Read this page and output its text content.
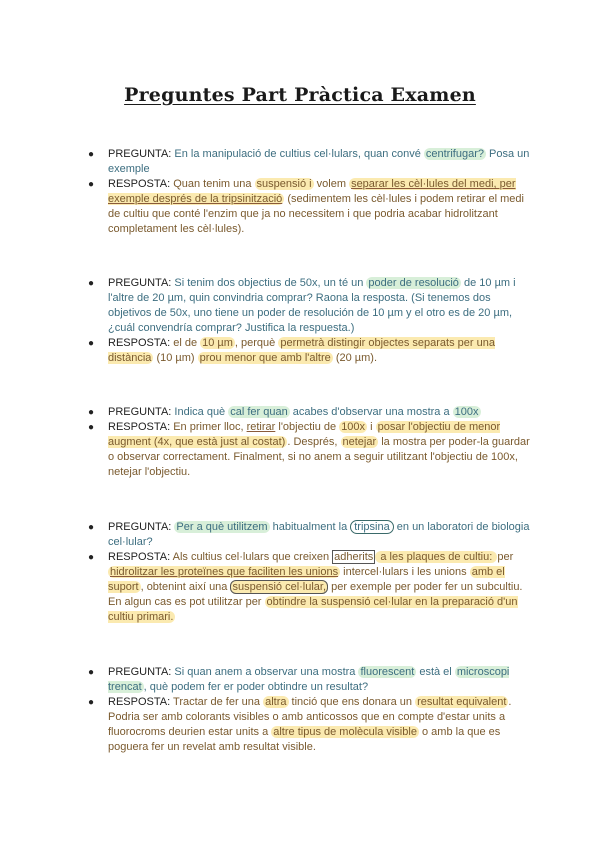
Preguntes Part Pràctica Examen
● PREGUNTA: En la manipulació de cultius cel·lulars, quan convé centrifugar? Posa un exemple
● RESPOSTA: Quan tenim una suspensió i volem separar les cèl·lules del medi, per exemple després de la tripsinització (sedimentem les cèl·lules i podem retirar el medi de cultiu que conté l'enzim que ja no necessitem i que podria acabar hidrolitzant completament les cèl·lules).
● PREGUNTA: Si tenim dos objectius de 50x, un té un poder de resolució de 10 µm i l'altre de 20 µm, quin convindria comprar? Raona la resposta. (Si tenemos dos objetivos de 50x, uno tiene un poder de resolución de 10 µm y el otro es de 20 µm, ¿cuál convendría comprar? Justifica la respuesta.)
● RESPOSTA: el de 10 µm , perquè permetrà distingir objectes separats per una distància (10 µm) prou menor que amb l'altre (20 µm).
● PREGUNTA: Indica què cal fer quan acabes d'observar una mostra a 100x
● RESPOSTA: En primer lloc, retirar l'objectiu de 100x i posar l'objectiu de menor augment (4x, que està just al costat) . Després, netejar la mostra per poder-la guardar o observar correctament. Finalment, si no anem a seguir utilitzant l'objectiu de 100x, netejar l'objectiu.
● PREGUNTA: Per a què utilitzem habitualment la tripsina en un laboratori de biologia cel·lular?
● RESPOSTA: Als cultius cel·lulars que creixen adherits a les plaques de cultiu: per hidrolitzar les proteïnes que faciliten les unions intercel·lulars i les unions amb el suport , obtenint així una suspensió cel·lular, per exemple per poder fer un subcultiu. En algun cas es pot utilitzar per obtindre la suspensió cel·lular en la preparació d'un cultiu primari.
● PREGUNTA: Si quan anem a observar una mostra fluorescent està el microscopi trencat , què podem fer er poder obtindre un resultat?
● RESPOSTA: Tractar de fer una altra tinció que ens donara un resultat equivalent . Podria ser amb colorants visibles o amb anticossos que en compte d'estar units a fluorocroms deurien estar units a altre tipus de molècula visible o amb la que es poguera fer un revelat amb resultat visible.
